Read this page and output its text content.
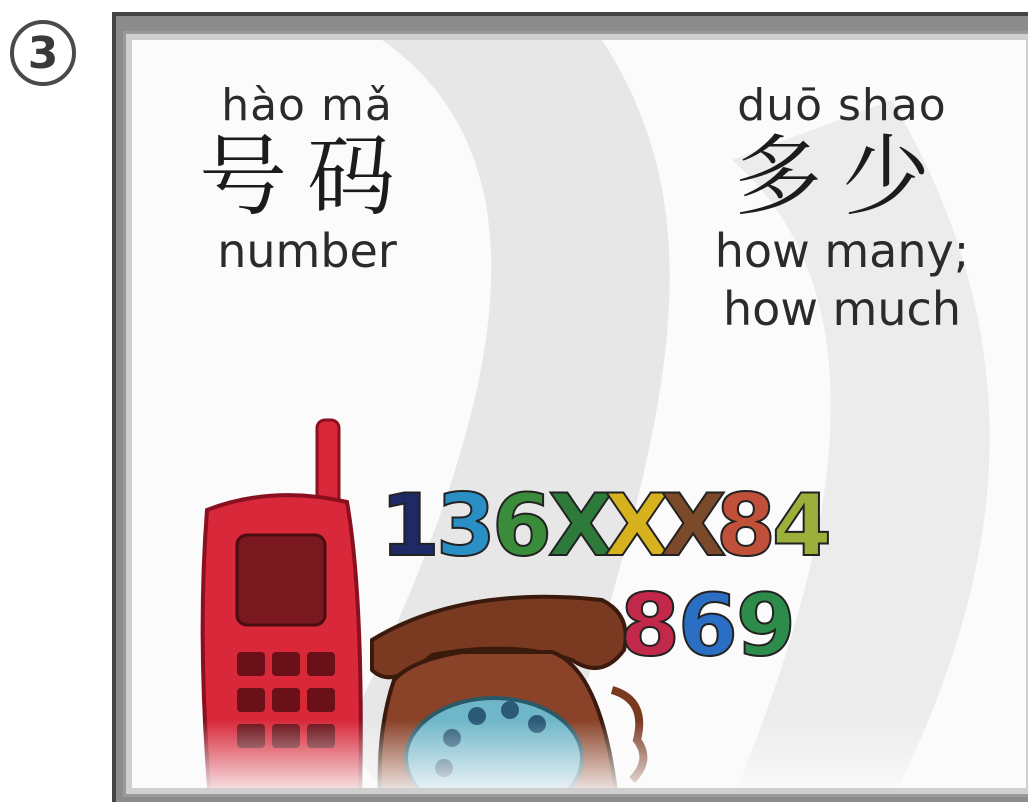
3
hào mǎ
号码
number
duō shao
多少
how many;
how much
1
3
6
X
X
X
8
4
8
6
9
